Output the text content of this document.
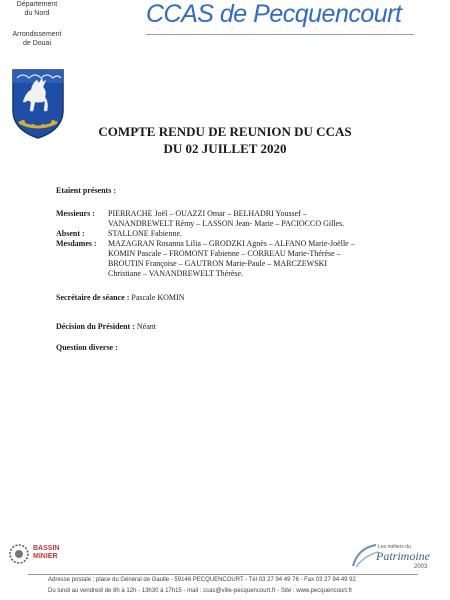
Département du Nord
Arrondissement de Douai
CCAS de Pecquencourt
COMPTE RENDU DE REUNION DU CCAS
DU 02 JUILLET 2020
Etaient présents :
Messieurs : PIERRACHE Joël – OUAZZI Omar – BELHADRI Youssef –
VANANDREWELT Rémy – LASSON Jean- Marie – PACIOCCO Gilles.
Absent :	STALLONE Fabienne.
Mesdames : MAZAGRAN Rosanna Lilia – GRODZKI Agnès – ALFANO Marie-Joëlle –
KOMIN Pascale – FROMONT Fabienne – CORREAU Marie-Thérèse –
BROUTIN Françoise – GAUTRON Marie-Paule – MARCZEWSKI
Christiane – VANANDREWELT Thérèse.
Secrétaire de séance : Pascale KOMIN
Décision du Président : Néant
Question diverse :
BASSIN
MINIER
Les métiers du
Patrimoine
2003
Adresse postale : place du Général de Gaulle - 59146 PECQUENCOURT - Tél 03 27 94 49 76 - Fax 03 27 94 49 92
Du lundi au vendredi de 8h à 12h - 13h30 à 17h15 - mail : ccas@ville-pecquencourt.fr - Site : www.pecquencourt.fr
